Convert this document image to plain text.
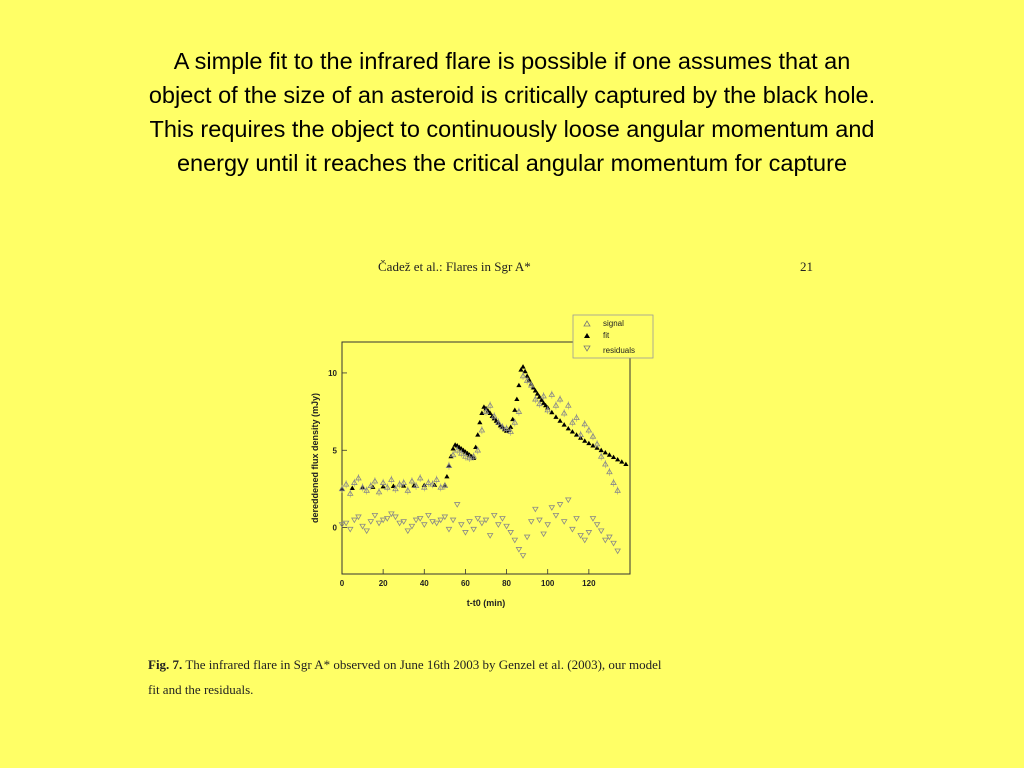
A simple fit to the infrared flare is possible if one assumes that an
object of the size of an asteroid is critically captured by the black hole.
This requires the object to continuously loose angular momentum and
energy until it reaches the critical angular momentum for capture
Čadež et al.: Flares in Sgr A*	21
0	20	40	60	80	100	120
0
5
10
signal
fit
residuals
t-t0 (min)
dereddened flux density (mJy)
Fig. 7. The infrared flare in Sgr A* observed on June 16th 2003 by Genzel et al. (2003), our model
fit and the residuals.
